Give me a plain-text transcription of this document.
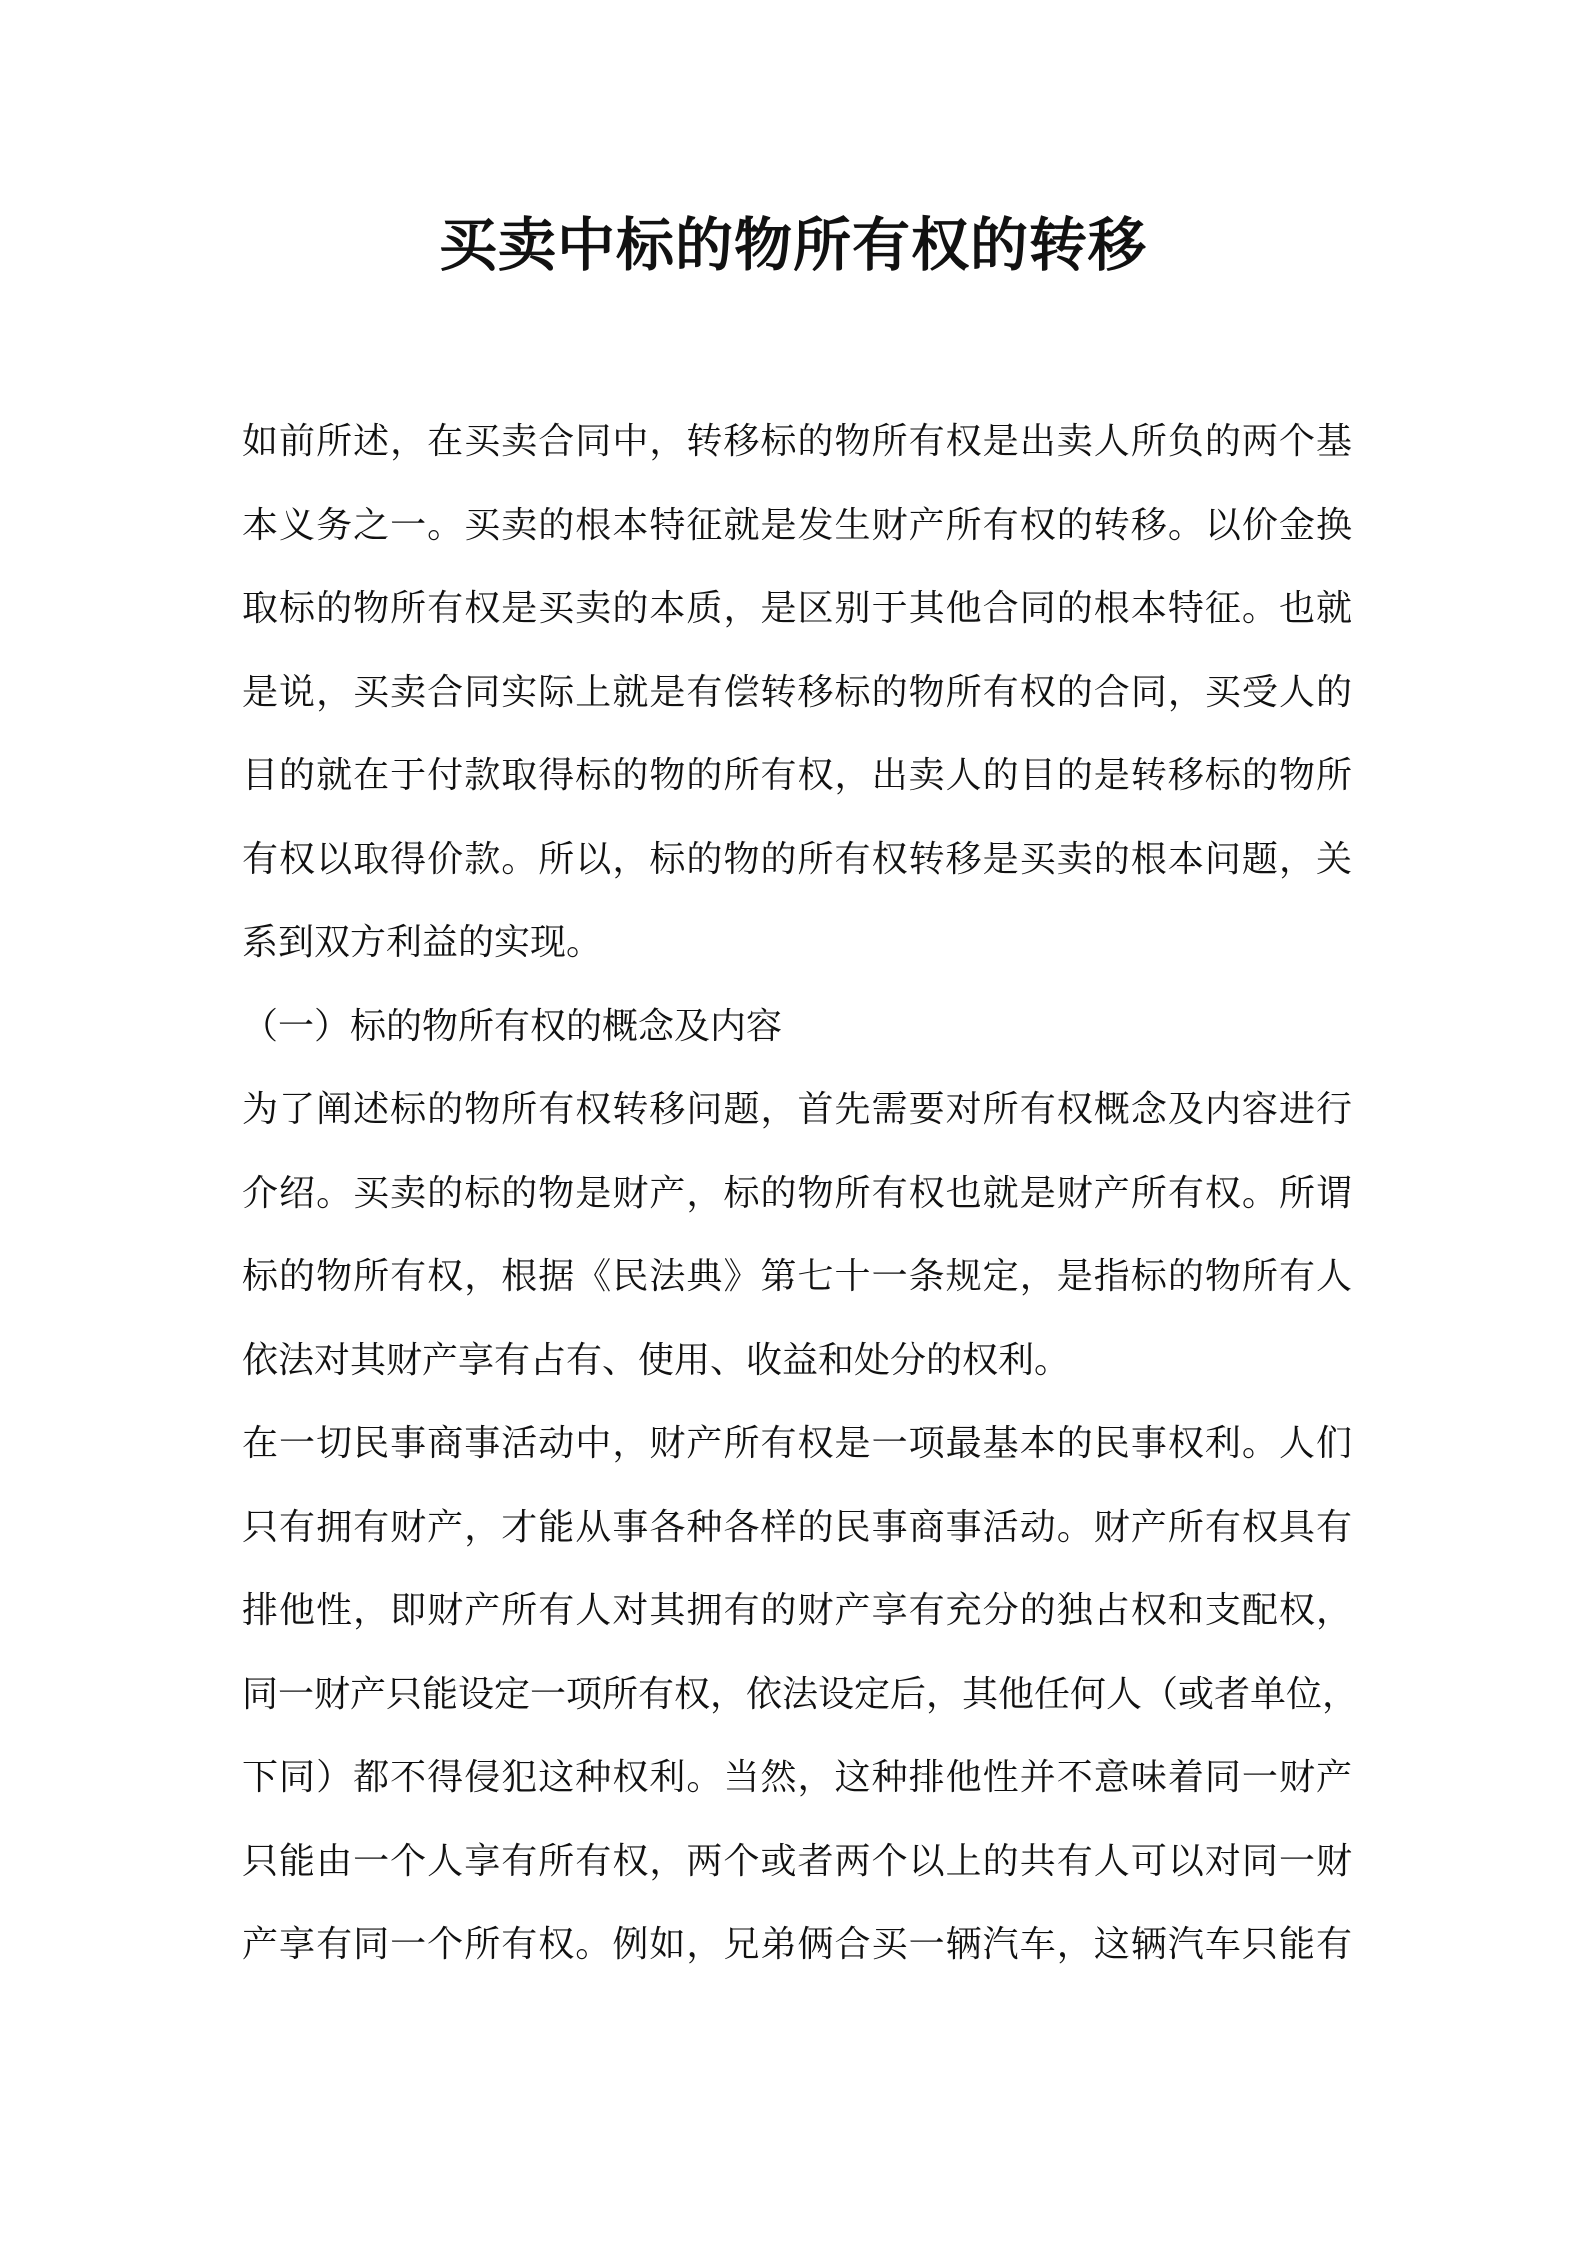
买卖中标的物所有权的转移
如前所述，在买卖合同中，转移标的物所有权是出卖人所负的两个基
本义务之一。买卖的根本特征就是发生财产所有权的转移。以价金换
取标的物所有权是买卖的本质，是区别于其他合同的根本特征。也就
是说，买卖合同实际上就是有偿转移标的物所有权的合同，买受人的
目的就在于付款取得标的物的所有权，出卖人的目的是转移标的物所
有权以取得价款。所以，标的物的所有权转移是买卖的根本问题，关
系到双方利益的实现。
（一）标的物所有权的概念及内容
为了阐述标的物所有权转移问题，首先需要对所有权概念及内容进行
介绍。买卖的标的物是财产，标的物所有权也就是财产所有权。所谓
标的物所有权，根据《民法典》第七十一条规定，是指标的物所有人
依法对其财产享有占有、使用、收益和处分的权利。
在一切民事商事活动中，财产所有权是一项最基本的民事权利。人们
只有拥有财产，才能从事各种各样的民事商事活动。财产所有权具有
排他性，即财产所有人对其拥有的财产享有充分的独占权和支配权，
同一财产只能设定一项所有权，依法设定后，其他任何人（或者单位，
下同）都不得侵犯这种权利。当然，这种排他性并不意味着同一财产
只能由一个人享有所有权，两个或者两个以上的共有人可以对同一财
产享有同一个所有权。例如，兄弟俩合买一辆汽车，这辆汽车只能有
